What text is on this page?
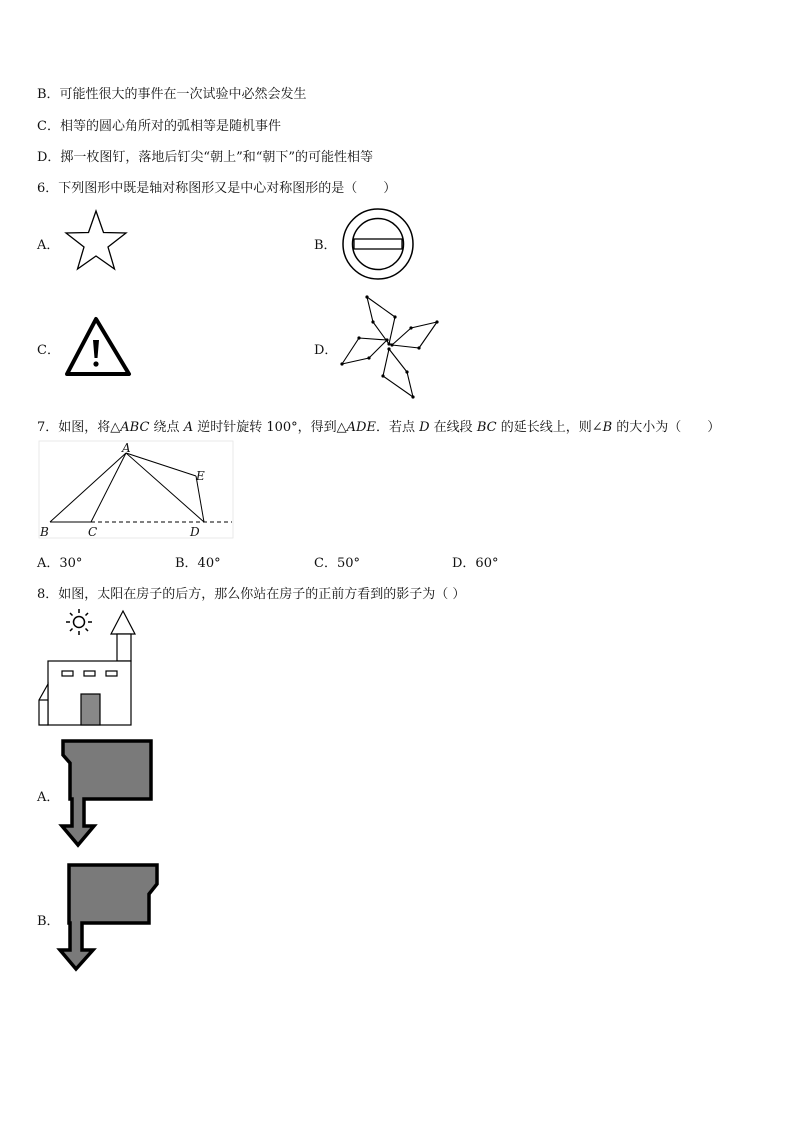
B．可能性很大的事件在一次试验中必然会发生
C．相等的圆心角所对的弧相等是随机事件
D．掷一枚图钉，落地后钉尖“朝上”和“朝下”的可能性相等
6．下列图形中既是轴对称图形又是中心对称图形的是（　　）
A．	B．
C．	D．
7．如图，将△ABC 绕点 A 逆时针旋转 100°，得到△ADE．若点 D 在线段 BC 的延长线上，则∠B 的大小为（　　）
A
B	C	D
E
A．30°	B．40°	C．50°	D．60°
8．如图，太阳在房子的后方，那么你站在房子的正前方看到的影子为（ ）
A．
B．
